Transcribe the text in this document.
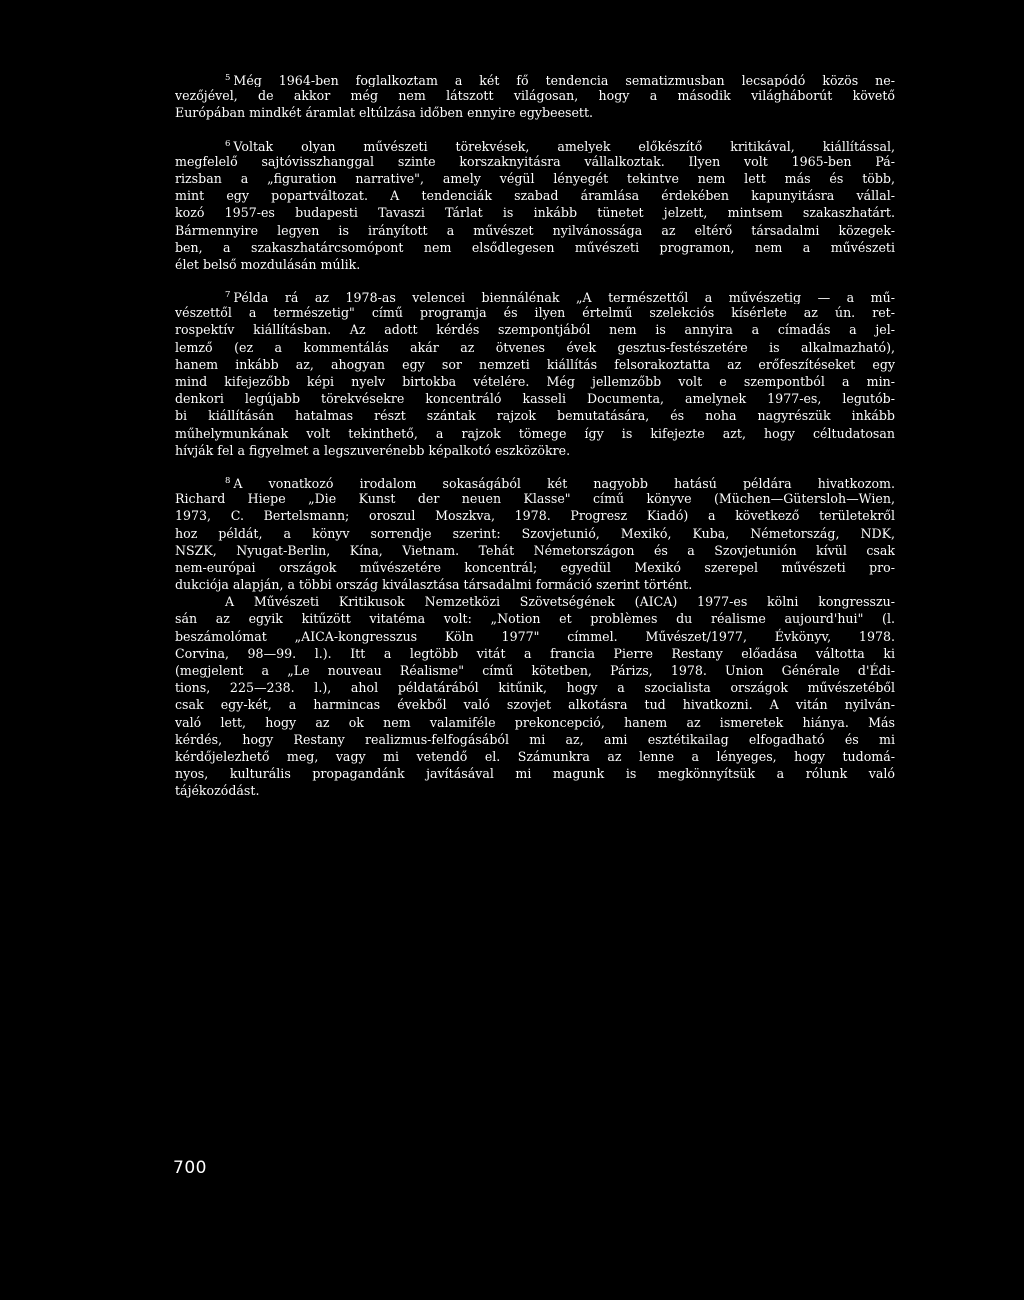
$^5$ Még 1964-ben foglalkoztam a két fő tendencia sematizmusban lecsapódó közös ne-
vezőjével, de akkor még nem látszott világosan, hogy a második világháborút követő
Európában mindkét áramlat eltúlzása időben ennyire egybeesett.
$^6$ Voltak olyan művészeti törekvések, amelyek előkészítő kritikával, kiállítással,
megfelelő sajtóvisszhanggal szinte korszaknyitásra vállalkoztak. Ilyen volt 1965-ben Pá-
rizsban a „figuration narrative", amely végül lényegét tekintve nem lett más és több,
mint egy popartváltozat. A tendenciák szabad áramlása érdekében kapunyitásra vállal-
kozó 1957-es budapesti Tavaszi Tárlat is inkább tünetet jelzett, mintsem szakaszhatárt.
Bármennyire legyen is irányított a művészet nyilvánossága az eltérő társadalmi közegek-
ben, a szakaszhatárcsomópont nem elsődlegesen művészeti programon, nem a művészeti
élet belső mozdulásán múlik.
$^7$ Példa rá az 1978-as velencei biennálénak „A természettől a művészetig — a mű-
vészettől a természetig" című programja és ilyen értelmű szelekciós kísérlete az ún. ret-
rospektív kiállításban. Az adott kérdés szempontjából nem is annyira a címadás a jel-
lemző (ez a kommentálás akár az ötvenes évek gesztus-festészetére is alkalmazható),
hanem inkább az, ahogyan egy sor nemzeti kiállítás felsorakoztatta az erőfeszítéseket egy
mind kifejezőbb képi nyelv birtokba vételére. Még jellemzőbb volt e szempontból a min-
denkori legújabb törekvésekre koncentráló kasseli Documenta, amelynek 1977-es, legutób-
bi kiállításán hatalmas részt szántak rajzok bemutatására, és noha nagyrészük inkább
műhelymunkának volt tekinthető, a rajzok tömege így is kifejezte azt, hogy céltudatosan
hívják fel a figyelmet a legszuverénebb képalkotó eszközökre.
$^8$ A vonatkozó irodalom sokaságából két nagyobb hatású példára hivatkozom.
Richard Hiepe „Die Kunst der neuen Klasse" című könyve (Müchen—Gütersloh—Wien,
1973, C. Bertelsmann; oroszul Moszkva, 1978. Progresz Kiadó) a következő területekről
hoz példát, a könyv sorrendje szerint: Szovjetunió, Mexikó, Kuba, Németország, NDK,
NSZK, Nyugat-Berlin, Kína, Vietnam. Tehát Németországon és a Szovjetunión kívül csak
nem-európai országok művészetére koncentrál; egyedül Mexikó szerepel művészeti pro-
dukciója alapján, a többi ország kiválasztása társadalmi formáció szerint történt.
A Művészeti Kritikusok Nemzetközi Szövetségének (AICA) 1977-es kölni kongresszu-
sán az egyik kitűzött vitatéma volt: „Notion et problèmes du réalisme aujourd'hui" (l.
beszámolómat „AICA-kongresszus Köln 1977" címmel. Művészet/1977, Évkönyv, 1978.
Corvina, 98—99. l.). Itt a legtöbb vitát a francia Pierre Restany előadása váltotta ki
(megjelent a „Le nouveau Réalisme" című kötetben, Párizs, 1978. Union Générale d'Édi-
tions, 225—238. l.), ahol példatárából kitűnik, hogy a szocialista országok művészetéből
csak egy-két, a harmincas évekből való szovjet alkotásra tud hivatkozni. A vitán nyilván-
való lett, hogy az ok nem valamiféle prekoncepció, hanem az ismeretek hiánya. Más
kérdés, hogy Restany realizmus-felfogásából mi az, ami esztétikailag elfogadható és mi
kérdőjelezhető meg, vagy mi vetendő el. Számunkra az lenne a lényeges, hogy tudomá-
nyos, kulturális propagandánk javításával mi magunk is megkönnyítsük a rólunk való
tájékozódást.
700
